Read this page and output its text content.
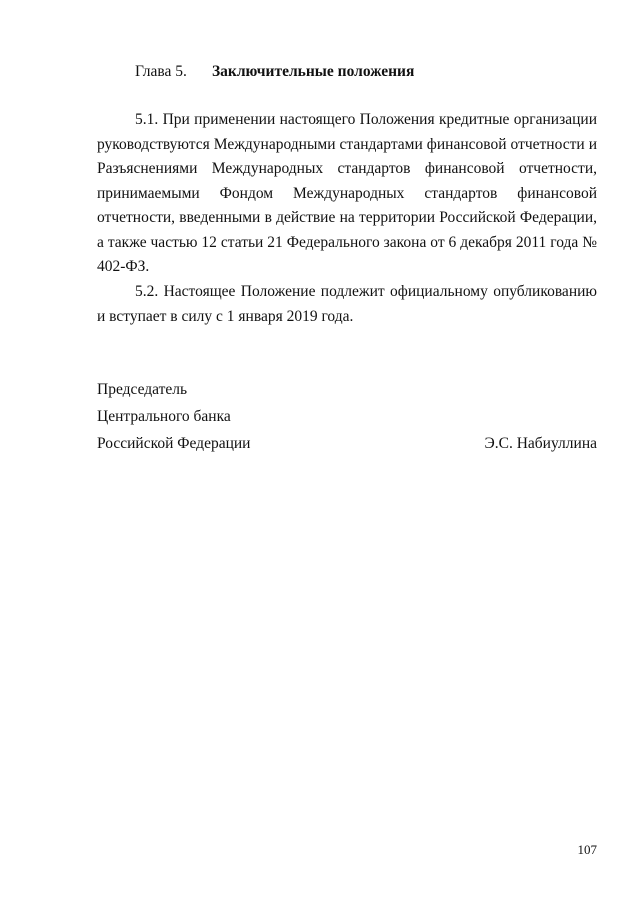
Глава 5. Заключительные положения

5.1. При применении настоящего Положения кредитные организации руководствуются Международными стандартами финансовой отчетности и Разъяснениями Международных стандартов финансовой отчетности, принимаемыми Фондом Международных стандартов финансовой отчетности, введенными в действие на территории Российской Федерации, а также частью 12 статьи 21 Федерального закона от 6 декабря 2011 года № 402-ФЗ.

5.2. Настоящее Положение подлежит официальному опубликованию и вступает в силу с 1 января 2019 года.

Председатель
Центрального банка
Российской Федерации	Э.С. Набиуллина
107
